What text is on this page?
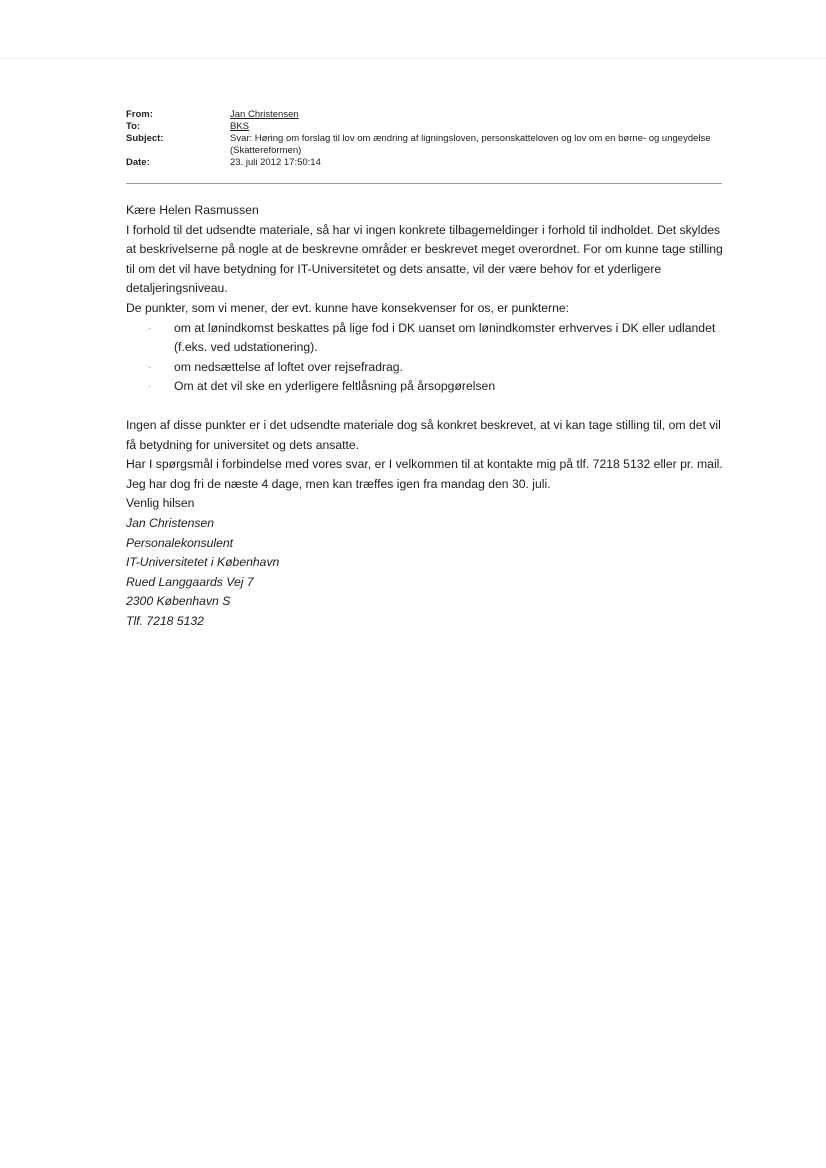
From:	Jan Christensen
To:	BKS
Subject:	Svar: Høring om forslag til lov om ændring af ligningsloven, personskatteloven og lov om en børne- og ungeydelse (Skattereformen)
Date:	23. juli 2012 17:50:14

Kære Helen Rasmussen

I forhold til det udsendte materiale, så har vi ingen konkrete tilbagemeldinger i forhold til indholdet. Det skyldes at beskrivelserne på nogle at de beskrevne områder er beskrevet meget overordnet. For om kunne tage stilling til om det vil have betydning for IT-Universitetet og dets ansatte, vil der være behov for et yderligere detaljeringsniveau.

De punkter, som vi mener, der evt. kunne have konsekvenser for os, er punkterne:

· om at lønindkomst beskattes på lige fod i DK uanset om lønindkomster erhverves i DK eller udlandet (f.eks. ved udstationering).
· om nedsættelse af loftet over rejsefradrag.
· Om at det vil ske en yderligere feltlåsning på årsopgørelsen

Ingen af disse punkter er i det udsendte materiale dog så konkret beskrevet, at vi kan tage stilling til, om det vil få betydning for universitet og dets ansatte.

Har I spørgsmål i forbindelse med vores svar, er I velkommen til at kontakte mig på tlf. 7218 5132 eller pr. mail. Jeg har dog fri de næste 4 dage, men kan træffes igen fra mandag den 30. juli.

Venlig hilsen

Jan Christensen

Personalekonsulent

IT-Universitetet i København

Rued Langgaards Vej 7

2300 København S

Tlf. 7218 5132
